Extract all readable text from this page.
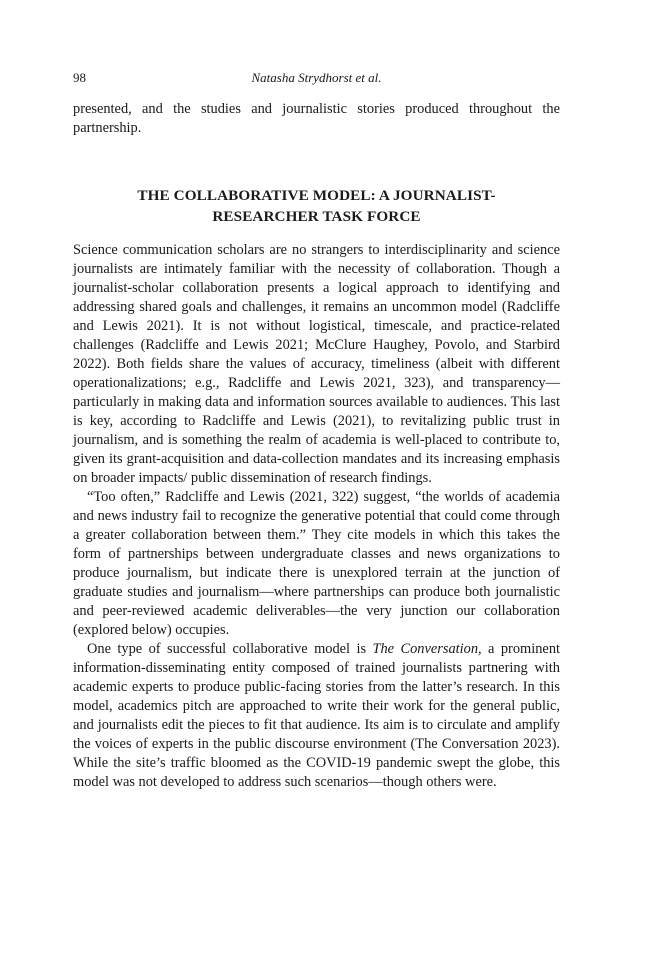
98	Natasha Strydhorst et al.
presented, and the studies and journalistic stories produced throughout the partnership.
THE COLLABORATIVE MODEL: A JOURNALIST-
RESEARCHER TASK FORCE

Science communication scholars are no strangers to interdisciplinarity and science journalists are intimately familiar with the necessity of collaboration. Though a journalist-scholar collaboration presents a logical approach to identifying and addressing shared goals and challenges, it remains an uncommon model (Radcliffe and Lewis 2021). It is not without logistical, timescale, and practice-related challenges (Radcliffe and Lewis 2021; McClure Haughey, Povolo, and Starbird 2022). Both fields share the values of accuracy, timeliness (albeit with different operationalizations; e.g., Radcliffe and Lewis 2021, 323), and transparency—particularly in making data and information sources available to audiences. This last is key, according to Radcliffe and Lewis (2021), to revitalizing public trust in journalism, and is something the realm of academia is well-placed to contribute to, given its grant-acquisition and data-collection mandates and its increasing emphasis on broader impacts/ public dissemination of research findings.

“Too often,” Radcliffe and Lewis (2021, 322) suggest, “the worlds of academia and news industry fail to recognize the generative potential that could come through a greater collaboration between them.” They cite models in which this takes the form of partnerships between undergraduate classes and news organizations to produce journalism, but indicate there is unexplored terrain at the junction of graduate studies and journalism—where partnerships can produce both journalistic and peer-reviewed academic deliverables—the very junction our collaboration (explored below) occupies.

One type of successful collaborative model is The Conversation, a prominent information-disseminating entity composed of trained journalists partnering with academic experts to produce public-facing stories from the latter’s research. In this model, academics pitch are approached to write their work for the general public, and journalists edit the pieces to fit that audience. Its aim is to circulate and amplify the voices of experts in the public discourse environment (The Conversation 2023). While the site’s traffic bloomed as the COVID-19 pandemic swept the globe, this model was not developed to address such scenarios—though others were.
